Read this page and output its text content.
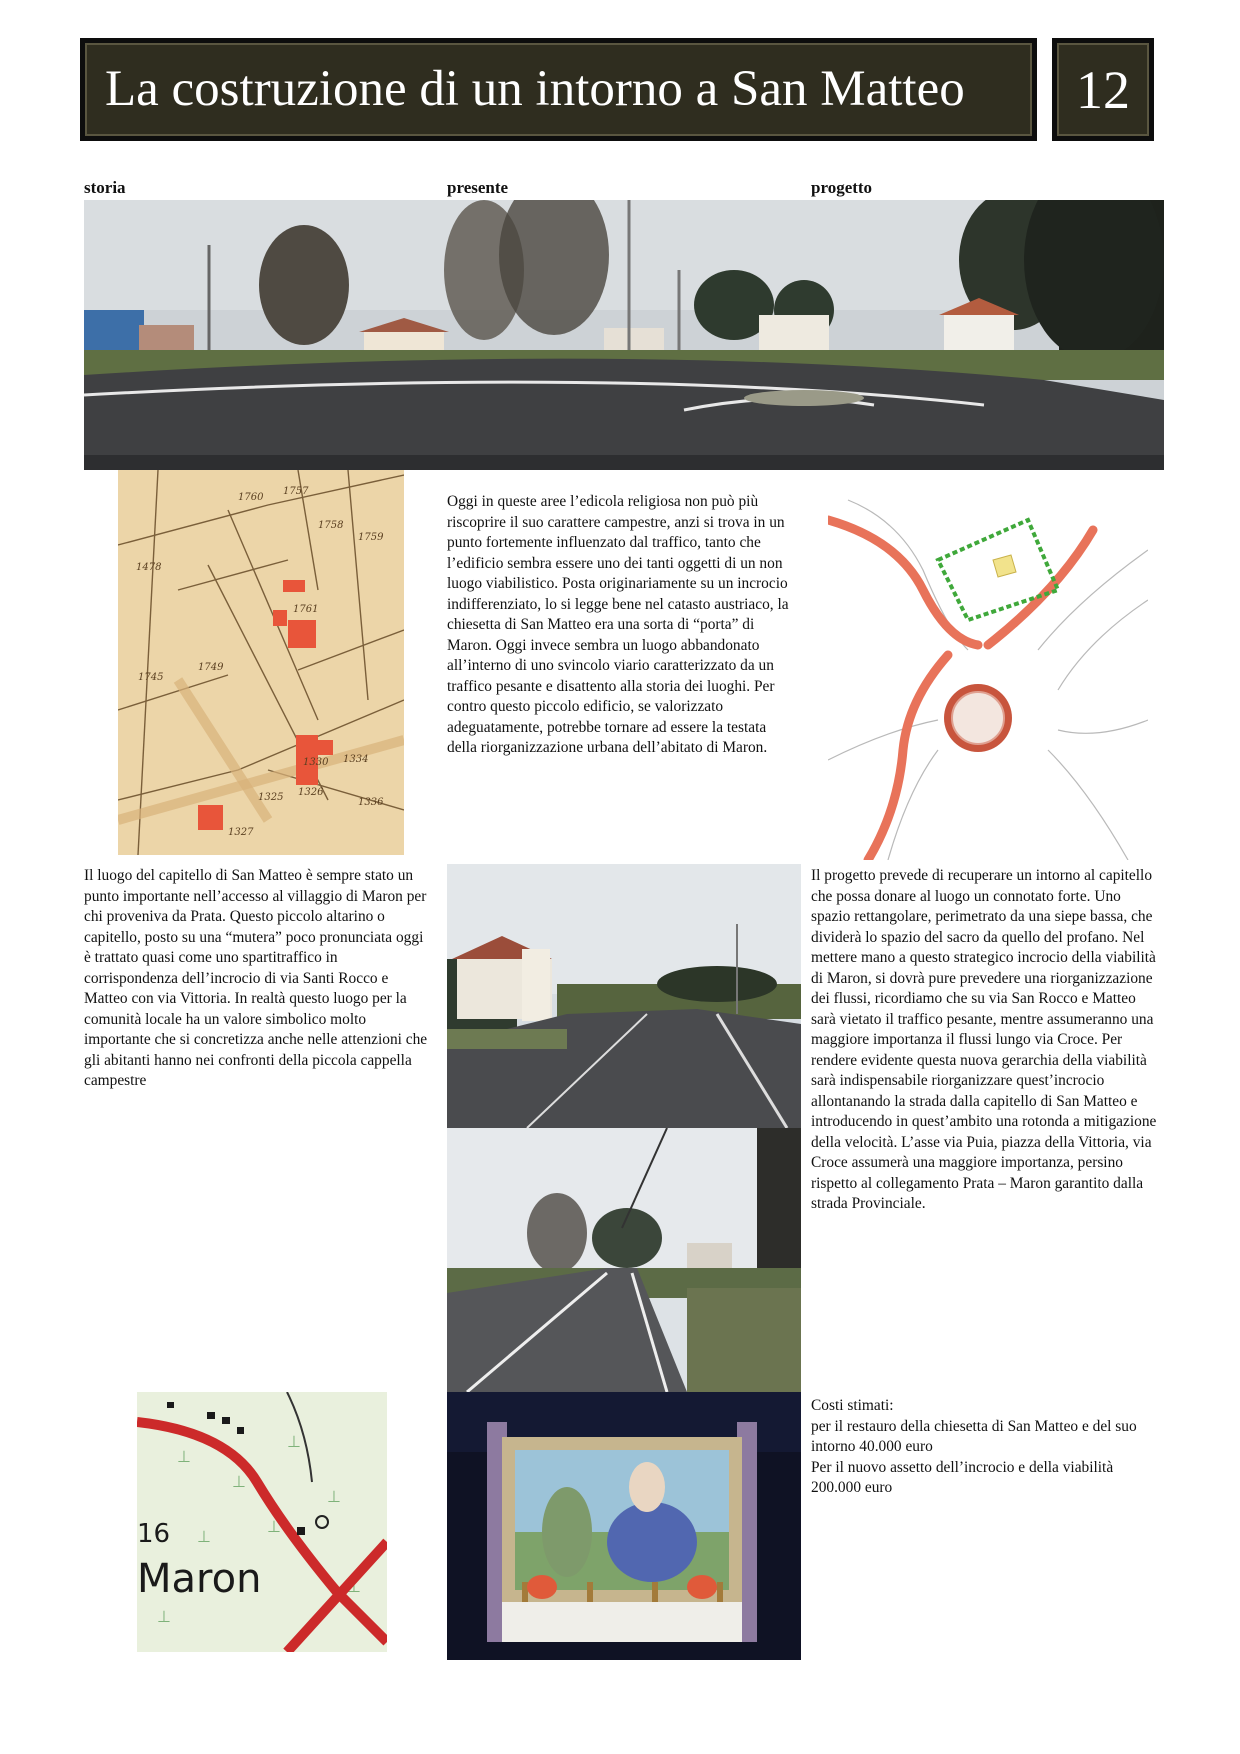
La costruzione di un intorno a San Matteo 12
storia	presente	progetto
1760
1757
1758
1759
1761
1478
1745
1749
1330 1334
1325 1326
1336
1327
Oggi in queste aree l’edicola religiosa non può più riscoprire il suo carattere campestre, anzi si trova in un punto fortemente influenzato dal traffico, tanto che l’edificio sembra essere uno dei tanti oggetti di un non luogo viabilistico. Posta originariamente su un incrocio indifferenziato, lo si legge bene nel catasto austriaco, la chiesetta di San Matteo era una sorta di “porta” di Maron. Oggi invece sembra un luogo abbandonato all’interno di uno svincolo viario caratterizzato da un traffico pesante e disattento alla storia dei luoghi. Per contro questo piccolo edificio, se valorizzato adeguatamente, potrebbe tornare ad essere la testata della riorganizzazione urbana dell’abitato di Maron.
Il luogo del capitello di San Matteo è sempre stato un punto importante nell’accesso al villaggio di Maron per chi proveniva da Prata. Questo piccolo altarino o capitello, posto su una “mutera” poco pronunciata oggi è trattato quasi come uno spartitraffico in corrispondenza dell’incrocio di via Santi Rocco e Matteo con via Vittoria. In realtà questo luogo per la comunità locale ha un valore simbolico molto importante che si concretizza anche nelle attenzioni che gli abitanti hanno nei confronti della piccola cappella campestre
Il progetto prevede di recuperare un intorno al capitello che possa donare al luogo un connotato forte. Uno spazio rettangolare, perimetrato da una siepe bassa, che dividerà lo spazio del sacro da quello del profano. Nel mettere mano a questo strategico incrocio della viabilità di Maron, si dovrà pure prevedere una riorganizzazione dei flussi, ricordiamo che su via San Rocco e Matteo sarà vietato il traffico pesante, mentre assumeranno una maggiore importanza il flussi lungo via Croce. Per rendere evidente questa nuova gerarchia della viabilità sarà indispensabile riorganizzare quest’incrocio allontanando la strada dalla capitello di San Matteo e introducendo in quest’ambito una rotonda a mitigazione della velocità. L’asse via Puia, piazza della Vittoria, via Croce assumerà una maggiore importanza, persino rispetto al collegamento Prata – Maron garantito dalla strada Provinciale.

Costi stimati:

per il restauro della chiesetta di San Matteo e del suo intorno 40.000 euro

Per il nuovo assetto dell’incrocio e della viabilità 200.000 euro

⊥
⊥
⊥
⊥
⊥
⊥
⊥
⊥
16
Maron
